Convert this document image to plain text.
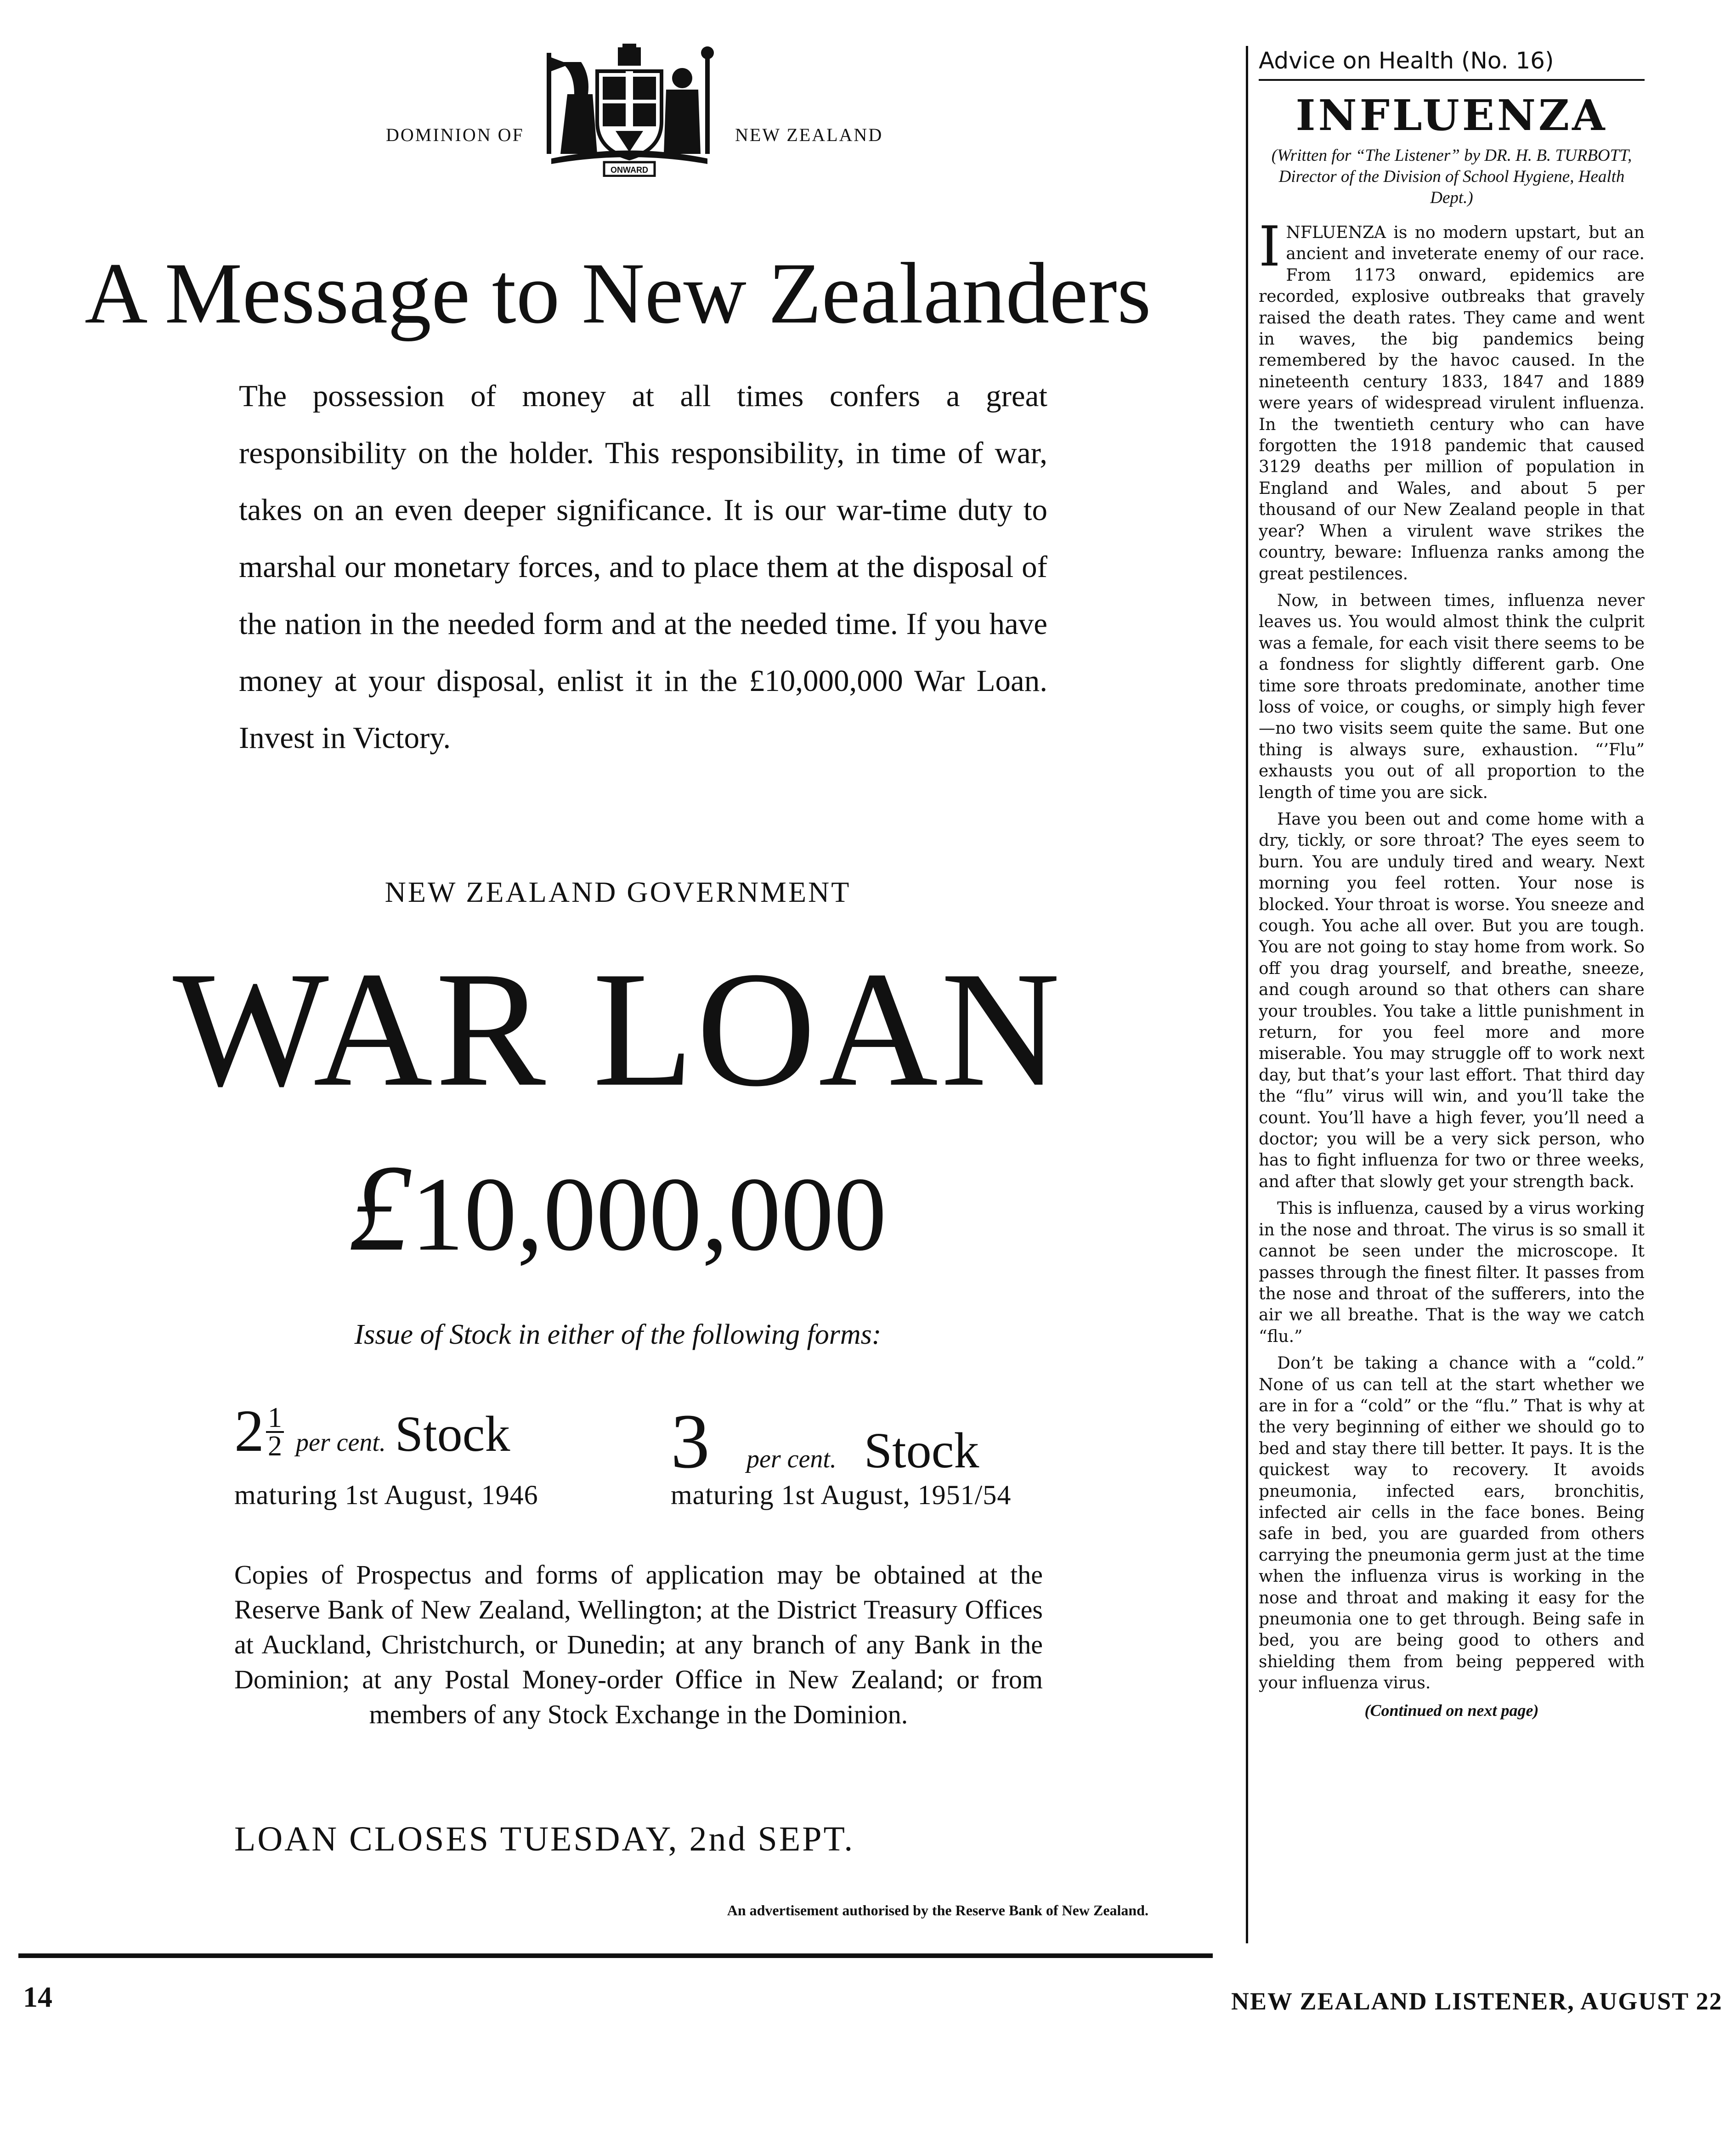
DOMINION OF	NEW ZEALAND
ONWARD
A Message to New Zealanders

The possession of money at all times confers a great responsibility on the holder. This responsibility, in time of war, takes on an even deeper significance. It is our war-time duty to marshal our monetary forces, and to place them at the disposal of the nation in the needed form and at the needed time. If you have money at your disposal, enlist it in the £10,000,000 War Loan. Invest in Victory.

NEW ZEALAND GOVERNMENT
WAR LOAN
£10,000,000
Issue of Stock in either of the following forms:
$2 \frac{1}{2}$ per cent. Stock
maturing 1st August, 1946
3 per cent. Stock
maturing 1st August, 1951/54

Copies of Prospectus and forms of application may be obtained at the Reserve Bank of New Zealand, Wellington; at the District Treasury Offices at Auckland, Christchurch, or Dunedin; at any branch of any Bank in the Dominion; at any Postal Money-order Office in New Zealand; or from members of any Stock Exchange in the Dominion.

LOAN CLOSES TUESDAY, 2nd SEPT.
An advertisement authorised by the Reserve Bank of New Zealand.
Advice on Health (No. 16)
INFLUENZA
(Written for “The Listener” by DR. H. B. TURBOTT, Director of the Division of School Hygiene, Health Dept.)

INFLUENZA is no modern upstart, but an ancient and inveterate enemy of our race. From 1173 onward, epidemics are recorded, explosive outbreaks that gravely raised the death rates. They came and went in waves, the big pandemics being remembered by the havoc caused. In the nineteenth century 1833, 1847 and 1889 were years of widespread virulent influenza. In the twentieth century who can have forgotten the 1918 pandemic that caused 3129 deaths per million of population in England and Wales, and about 5 per thousand of our New Zealand people in that year? When a virulent wave strikes the country, beware: Influenza ranks among the great pestilences.

Now, in between times, influenza never leaves us. You would almost think the culprit was a female, for each visit there seems to be a fondness for slightly different garb. One time sore throats predominate, another time loss of voice, or coughs, or simply high fever—no two visits seem quite the same. But one thing is always sure, exhaustion. “’Flu” exhausts you out of all proportion to the length of time you are sick.

Have you been out and come home with a dry, tickly, or sore throat? The eyes seem to burn. You are unduly tired and weary. Next morning you feel rotten. Your nose is blocked. Your throat is worse. You sneeze and cough. You ache all over. But you are tough. You are not going to stay home from work. So off you drag yourself, and breathe, sneeze, and cough around so that others can share your troubles. You take a little punishment in return, for you feel more and more miserable. You may struggle off to work next day, but that’s your last effort. That third day the “flu” virus will win, and you’ll take the count. You’ll have a high fever, you’ll need a doctor; you will be a very sick person, who has to fight influenza for two or three weeks, and after that slowly get your strength back.

This is influenza, caused by a virus working in the nose and throat. The virus is so small it cannot be seen under the microscope. It passes through the finest filter. It passes from the nose and throat of the sufferers, into the air we all breathe. That is the way we catch “flu.”

Don’t be taking a chance with a “cold.” None of us can tell at the start whether we are in for a “cold” or the “flu.” That is why at the very beginning of either we should go to bed and stay there till better. It pays. It is the quickest way to recovery. It avoids pneumonia, infected ears, bronchitis, infected air cells in the face bones. Being safe in bed, you are guarded from others carrying the pneumonia germ just at the time when the influenza virus is working in the nose and throat and making it easy for the pneumonia one to get through. Being safe in bed, you are being good to others and shielding them from being peppered with your influenza virus.

(Continued on next page)
14	NEW ZEALAND LISTENER, AUGUST 22
